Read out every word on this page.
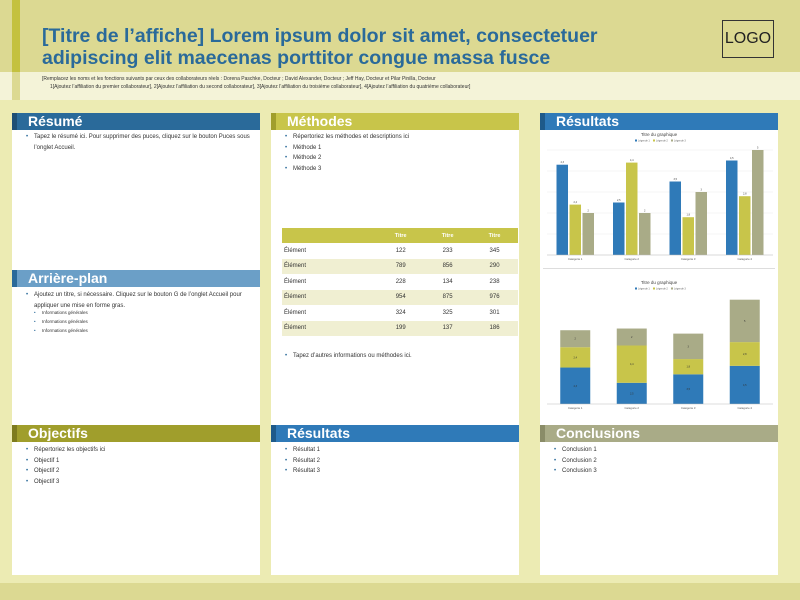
[Titre de l’affiche] Lorem ipsum dolor sit amet, consectetuer adipiscing elit maecenas porttitor congue massa fusce
LOGO
[Remplacez les noms et les fonctions suivants par ceux des collaborateurs réels : Dorena Paschke, Docteur ; David Alexander, Docteur ; Jeff Hay, Docteur et Pilar Pinilla, Docteur
1[Ajoutez l’affiliation du premier collaborateur], 2[Ajoutez l’affiliation du second collaborateur], 3[Ajoutez l’affiliation du troisième collaborateur], 4[Ajoutez l’affiliation du quatrième collaborateur]
Résumé
• Tapez le résumé ici. Pour supprimer des puces, cliquez sur le bouton Puces sous l’onglet Accueil.
Arrière-plan
• Ajoutez un titre, si nécessaire. Cliquez sur le bouton G de l’onglet Accueil pour appliquer une mise en forme gras.
• Informations générales
• Informations générales
• Informations générales
Objectifs
• Répertoriez les objectifs ici
• Objectif 1
• Objectif 2
• Objectif 3
Méthodes
• Répertoriez les méthodes et descriptions ici
• Méthode 1
• Méthode 2
• Méthode 3
	Titre	Titre	Titre
Élément	122	233	345
Élément	789	856	290
Élément	228	134	238
Élément	954	875	976
Élément	324	325	301
Élément	199	137	186
• Tapez d’autres informations ou méthodes ici.
Résultats
• Résultat 1
• Résultat 2
• Résultat 3
Résultats
Titre du graphique
Légende 1 Légende 2 Légende 3
4,3
2,5
3,5
4,5
2,4
4,4
1,8
2,8
2	2
3
5
Catégorie 1	Catégorie 2	Catégorie 3	Catégorie 4
Titre du graphique
Légende 1 Légende 2 Légende 3
4,3
2,4
2
2,5
4,4
2
3,5
1,8
3
4,5
2,8
5
Catégorie 1	Catégorie 2	Catégorie 3	Catégorie 4
Conclusions
• Conclusion 1
• Conclusion 2
• Conclusion 3
